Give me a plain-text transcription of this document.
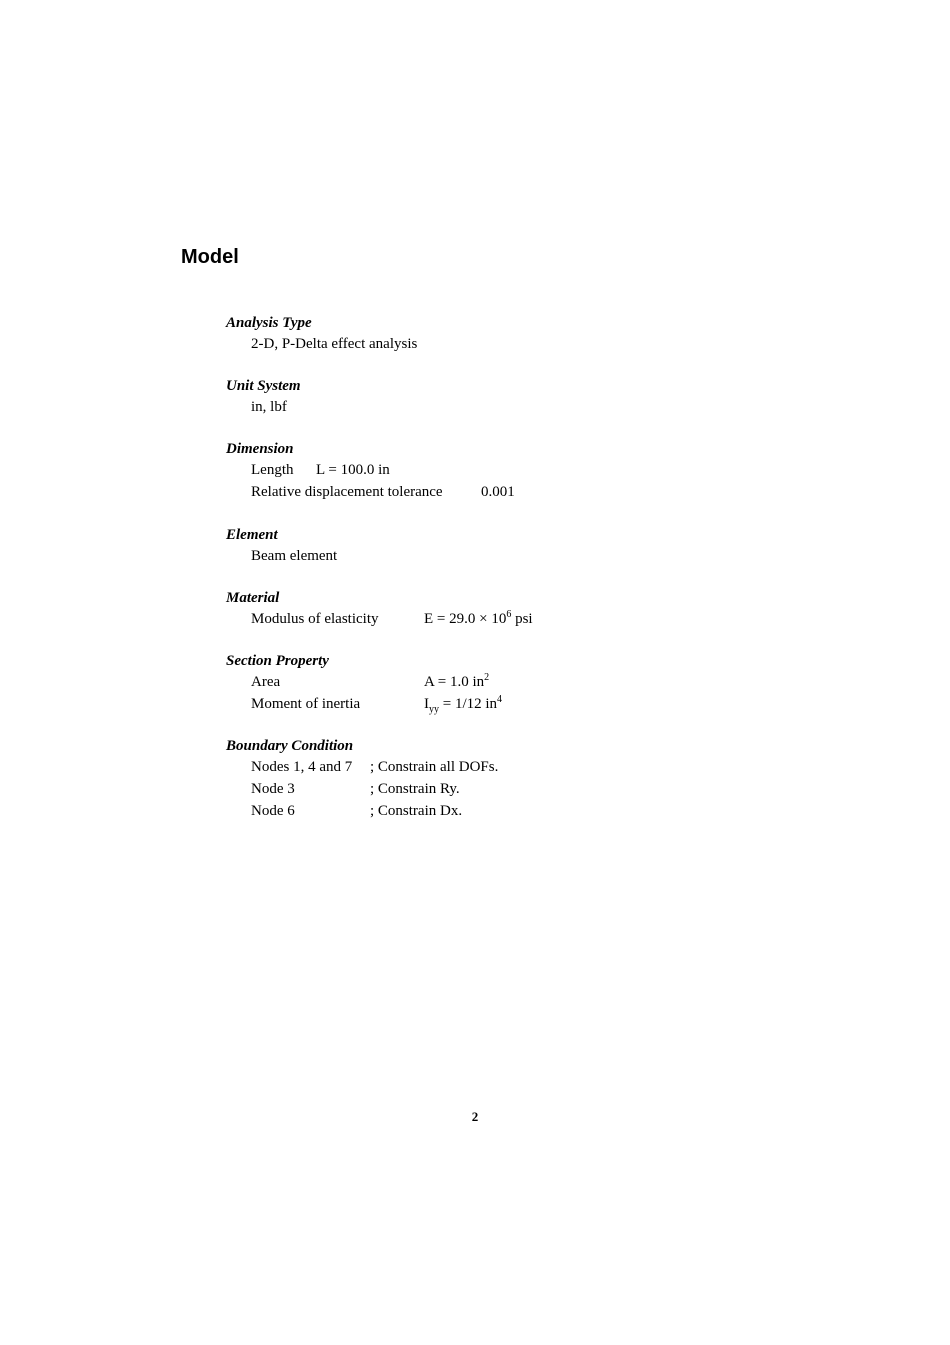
Model
Analysis Type
2-D, P-Delta effect analysis
Unit System
in, lbf
Dimension
Length L = 100.0 in
Relative displacement tolerance	0.001
Element
Beam element
Material
Modulus of elasticity	$E = 29.0 \times 10^6$ psi
Section Property
Area	A = 1.0 $in^2$
Moment of inertia	$I_{yy} = 1/12$ $in^4$
Boundary Condition
Nodes 1, 4 and 7 ; Constrain all DOFs.
Node 3	; Constrain Ry.
Node 6	; Constrain Dx.
2
